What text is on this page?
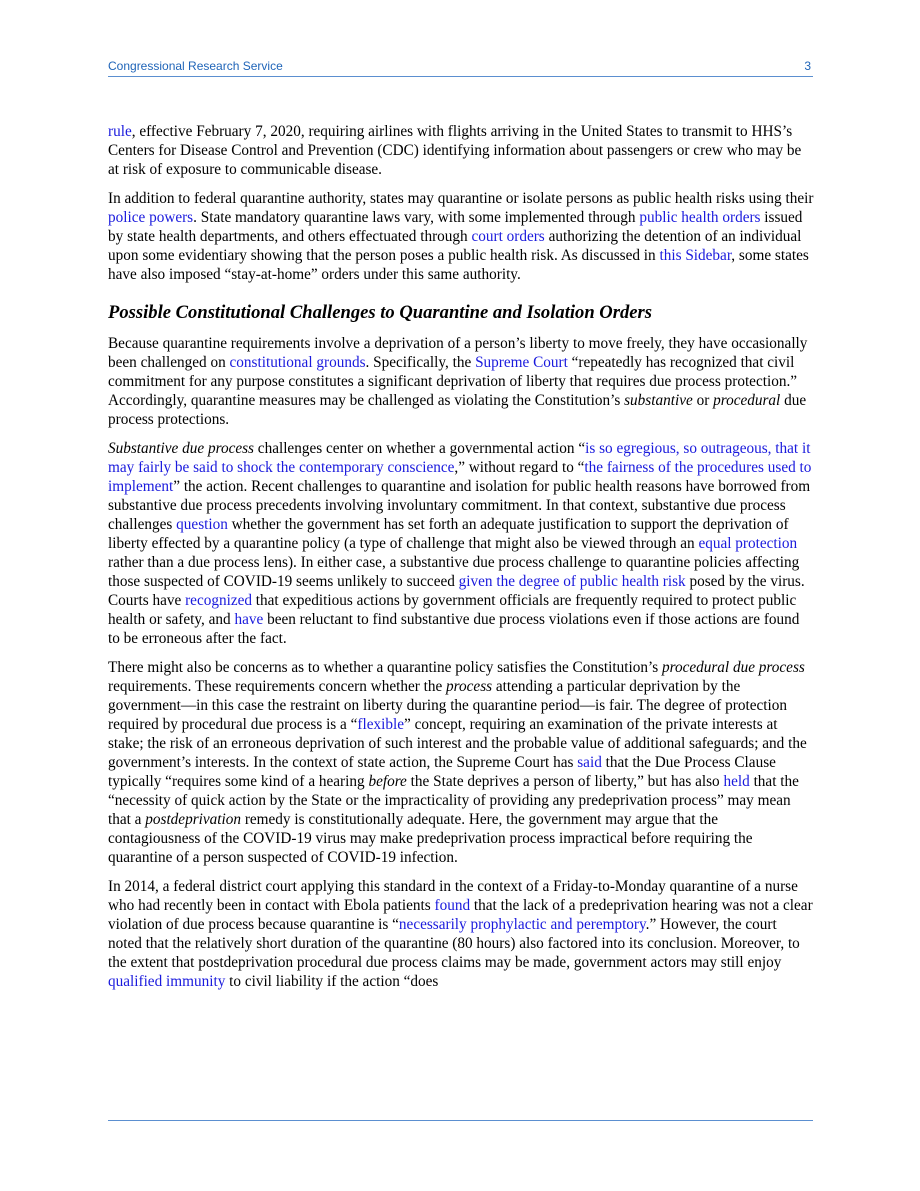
Congressional Research Service	3

rule, effective February 7, 2020, requiring airlines with flights arriving in the United States to transmit to HHS’s Centers for Disease Control and Prevention (CDC) identifying information about passengers or crew who may be at risk of exposure to communicable disease.

In addition to federal quarantine authority, states may quarantine or isolate persons as public health risks using their police powers. State mandatory quarantine laws vary, with some implemented through public health orders issued by state health departments, and others effectuated through court orders authorizing the detention of an individual upon some evidentiary showing that the person poses a public health risk. As discussed in this Sidebar, some states have also imposed “stay-at-home” orders under this same authority.

Possible Constitutional Challenges to Quarantine and Isolation Orders

Because quarantine requirements involve a deprivation of a person’s liberty to move freely, they have occasionally been challenged on constitutional grounds. Specifically, the Supreme Court “repeatedly has recognized that civil commitment for any purpose constitutes a significant deprivation of liberty that requires due process protection.” Accordingly, quarantine measures may be challenged as violating the Constitution’s substantive or procedural due process protections.

Substantive due process challenges center on whether a governmental action “is so egregious, so outrageous, that it may fairly be said to shock the contemporary conscience,” without regard to “the fairness of the procedures used to implement” the action. Recent challenges to quarantine and isolation for public health reasons have borrowed from substantive due process precedents involving involuntary commitment. In that context, substantive due process challenges question whether the government has set forth an adequate justification to support the deprivation of liberty effected by a quarantine policy (a type of challenge that might also be viewed through an equal protection rather than a due process lens). In either case, a substantive due process challenge to quarantine policies affecting those suspected of COVID-19 seems unlikely to succeed given the degree of public health risk posed by the virus. Courts have recognized that expeditious actions by government officials are frequently required to protect public health or safety, and have been reluctant to find substantive due process violations even if those actions are found to be erroneous after the fact.

There might also be concerns as to whether a quarantine policy satisfies the Constitution’s procedural due process requirements. These requirements concern whether the process attending a particular deprivation by the government—in this case the restraint on liberty during the quarantine period—is fair. The degree of protection required by procedural due process is a “flexible” concept, requiring an examination of the private interests at stake; the risk of an erroneous deprivation of such interest and the probable value of additional safeguards; and the government’s interests. In the context of state action, the Supreme Court has said that the Due Process Clause typically “requires some kind of a hearing before the State deprives a person of liberty,” but has also held that the “necessity of quick action by the State or the impracticality of providing any predeprivation process” may mean that a postdeprivation remedy is constitutionally adequate. Here, the government may argue that the contagiousness of the COVID-19 virus may make predeprivation process impractical before requiring the quarantine of a person suspected of COVID-19 infection.

In 2014, a federal district court applying this standard in the context of a Friday-to-Monday quarantine of a nurse who had recently been in contact with Ebola patients found that the lack of a predeprivation hearing was not a clear violation of due process because quarantine is “necessarily prophylactic and peremptory.” However, the court noted that the relatively short duration of the quarantine (80 hours) also factored into its conclusion. Moreover, to the extent that postdeprivation procedural due process claims may be made, government actors may still enjoy qualified immunity to civil liability if the action “does
